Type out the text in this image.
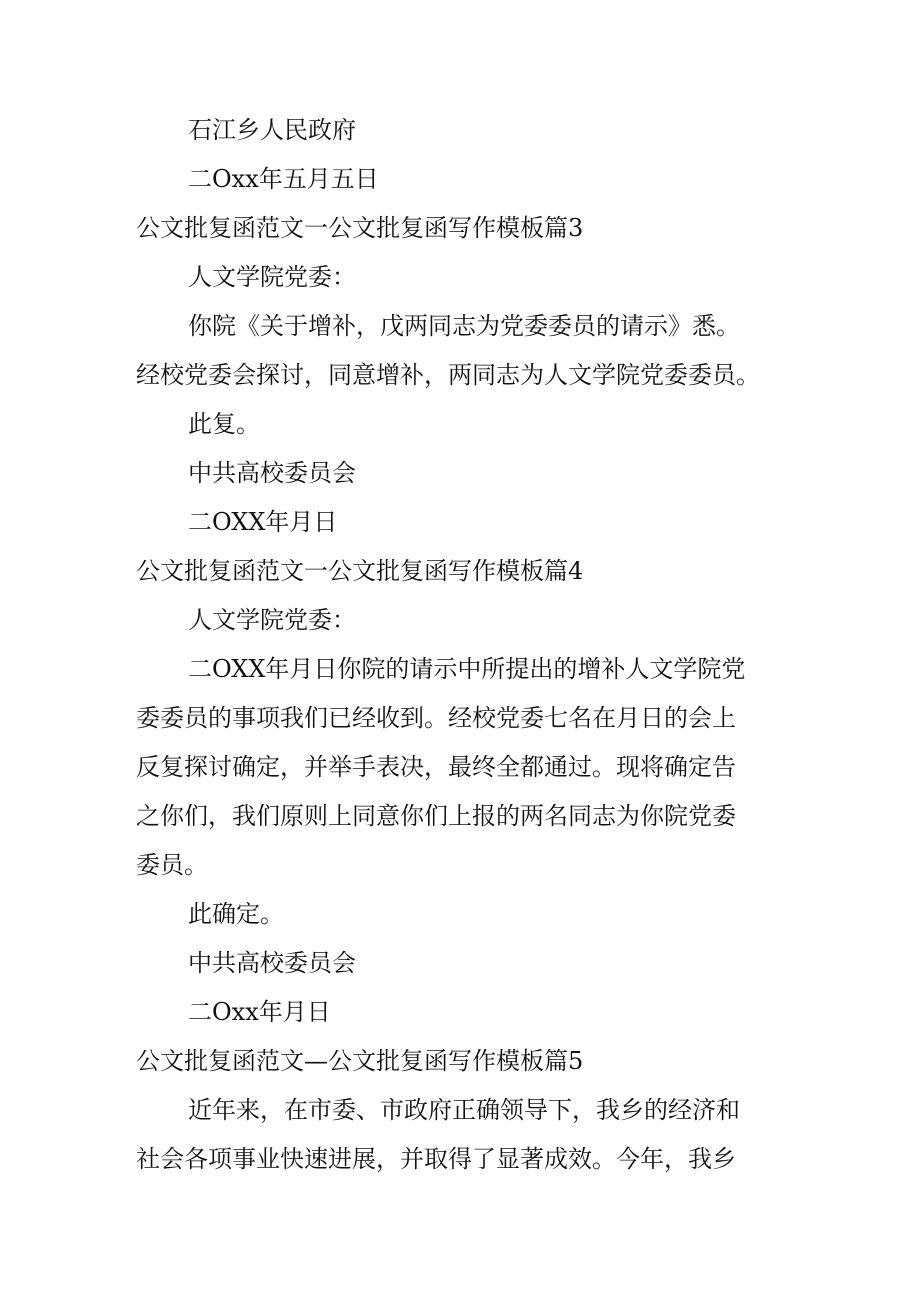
石江乡人民政府
二Oxx年五月五日
公文批复函范文一公文批复函写作模板篇3
人文学院党委：
你院《关于增补，戊两同志为党委委员的请示》悉。
经校党委会探讨，同意增补，两同志为人文学院党委委员。
此复。
中共高校委员会
二OXX年月日
公文批复函范文一公文批复函写作模板篇4
人文学院党委：
二OXX年月日你院的请示中所提出的增补人文学院党
委委员的事项我们已经收到。经校党委七名在月日的会上
反复探讨确定，并举手表决，最终全都通过。现将确定告
之你们，我们原则上同意你们上报的两名同志为你院党委
委员。
此确定。
中共高校委员会
二Oxx年月日
公文批复函范文—公文批复函写作模板篇5
近年来，在市委、市政府正确领导下，我乡的经济和
社会各项事业快速进展，并取得了显著成效。今年，我乡
